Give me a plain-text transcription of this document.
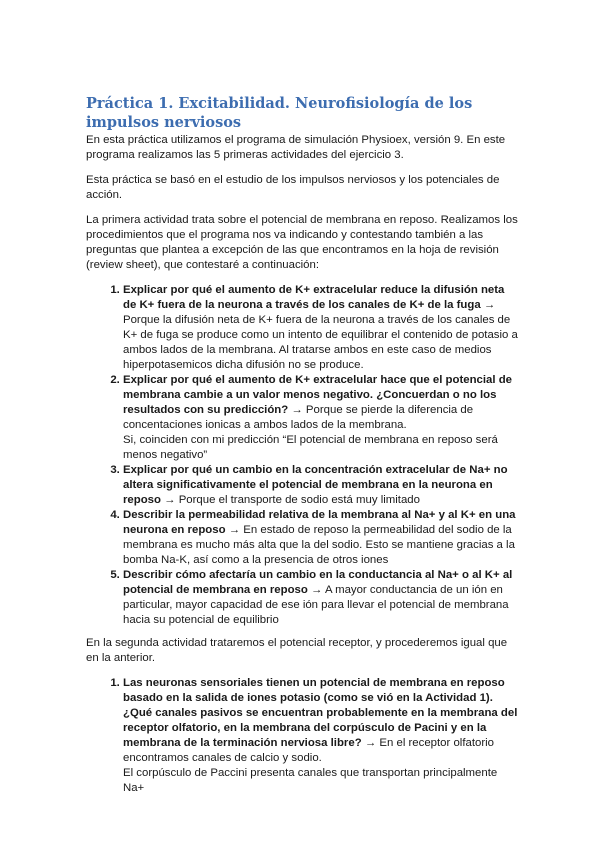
Práctica 1. Excitabilidad. Neurofisiología de los impulsos nerviosos

En esta práctica utilizamos el programa de simulación Physioex, versión 9. En este programa realizamos las 5 primeras actividades del ejercicio 3.

Esta práctica se basó en el estudio de los impulsos nerviosos y los potenciales de acción.

La primera actividad trata sobre el potencial de membrana en reposo. Realizamos los procedimientos que el programa nos va indicando y contestando también a las preguntas que plantea a excepción de las que encontramos en la hoja de revisión (review sheet), que contestaré a continuación:

1. Explicar por qué el aumento de K+ extracelular reduce la difusión neta de K+ fuera de la neurona a través de los canales de K+ de la fuga → Porque la difusión neta de K+ fuera de la neurona a través de los canales de K+ de fuga se produce como un intento de equilibrar el contenido de potasio a ambos lados de la membrana. Al tratarse ambos en este caso de medios hiperpotasemicos dicha difusión no se produce.
2. Explicar por qué el aumento de K+ extracelular hace que el potencial de membrana cambie a un valor menos negativo. ¿Concuerdan o no los resultados con su predicción? → Porque se pierde la diferencia de concentaciones ionicas a ambos lados de la membrana.
Si, coinciden con mi predicción “El potencial de membrana en reposo será menos negativo”
3. Explicar por qué un cambio en la concentración extracelular de Na+ no altera significativamente el potencial de membrana en la neurona en reposo → Porque el transporte de sodio está muy limitado
4. Describir la permeabilidad relativa de la membrana al Na+ y al K+ en una neurona en reposo → En estado de reposo la permeabilidad del sodio de la membrana es mucho más alta que la del sodio. Esto se mantiene gracias a la bomba Na-K, así como a la presencia de otros iones
5. Describir cómo afectaría un cambio en la conductancia al Na+ o al K+ al potencial de membrana en reposo → A mayor conductancia de un ión en particular, mayor capacidad de ese ión para llevar el potencial de membrana hacia su potencial de equilibrio

En la segunda actividad trataremos el potencial receptor, y procederemos igual que en la anterior.

1. Las neuronas sensoriales tienen un potencial de membrana en reposo basado en la salida de iones potasio (como se vió en la Actividad 1). ¿Qué canales pasivos se encuentran probablemente en la membrana del receptor olfatorio, en la membrana del corpúsculo de Pacini y en la membrana de la terminación nerviosa libre? → En el receptor olfatorio encontramos canales de calcio y sodio.
El corpúsculo de Paccini presenta canales que transportan principalmente Na+
